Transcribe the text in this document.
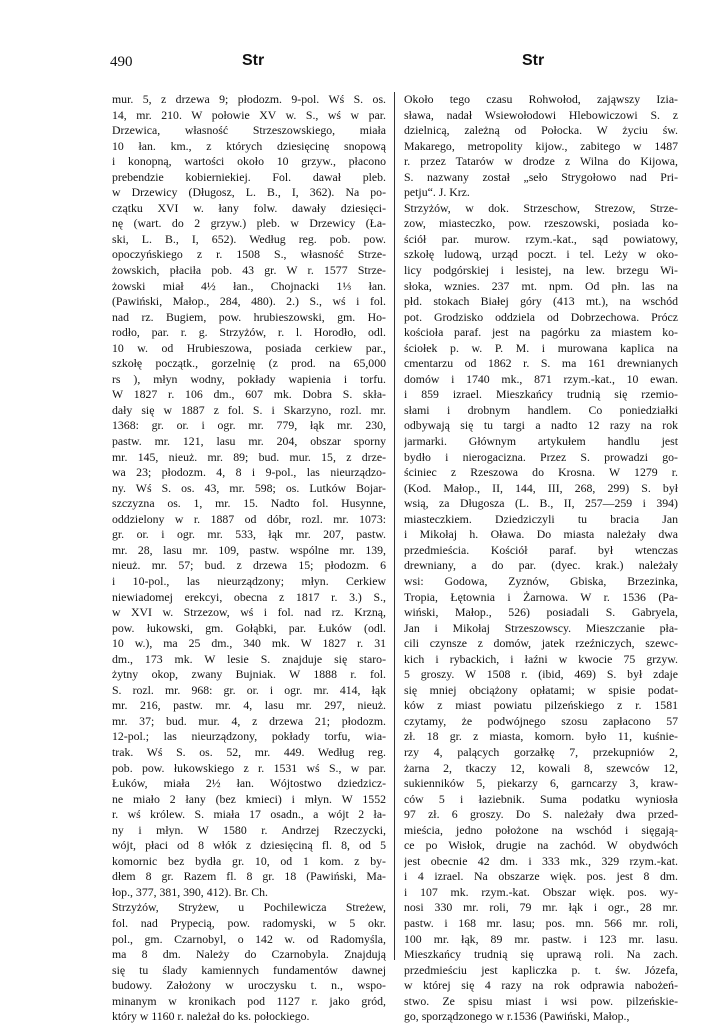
490	Str	Str
mur. 5, z drzewa 9; płodozm. 9-pol. Wś S. os.
14, mr. 210. W połowie XV w. S., wś w par.
Drzewica, własność Strzeszowskiego, miała
10 łan. km., z których dziesięcinę snopową
i konopną, wartości około 10 grzyw., płacono
prebendzie kobierniekiej. Fol. dawał pleb.
w Drzewicy (Długosz, L. B., I, 362). Na po-
czątku XVI w. łany folw. dawały dziesięci-
nę (wart. do 2 grzyw.) pleb. w Drzewicy (Ła-
ski, L. B., I, 652). Według reg. pob. pow.
opoczyńskiego z r. 1508 S., własność Strze-
żowskich, płaciła pob. 43 gr. W r. 1577 Strze-
żowski miał 4½ łan., Chojnacki 1⅓ łan.
(Pawiński, Małop., 284, 480). 2.) S., wś i fol.
nad rz. Bugiem, pow. hrubieszowski, gm. Ho-
rodło, par. r. g. Strzyżów, r. l. Horodło, odl.
10 w. od Hrubieszowa, posiada cerkiew par.,
szkołę początk., gorzelnię (z prod. na 65,000
rs ), młyn wodny, pokłady wapienia i torfu.
W 1827 r. 106 dm., 607 mk. Dobra S. skła-
dały się w 1887 z fol. S. i Skarzyno, rozl. mr.
1368: gr. or. i ogr. mr. 779, łąk mr. 230,
pastw. mr. 121, lasu mr. 204, obszar sporny
mr. 145, nieuż. mr. 89; bud. mur. 15, z drze-
wa 23; płodozm. 4, 8 i 9-pol., las nieurządzo-
ny. Wś S. os. 43, mr. 598; os. Lutków Bojar-
szczyzna os. 1, mr. 15. Nadto fol. Husynne,
oddzielony w r. 1887 od dóbr, rozl. mr. 1073:
gr. or. i ogr. mr. 533, łąk mr. 207, pastw.
mr. 28, lasu mr. 109, pastw. wspólne mr. 139,
nieuż. mr. 57; bud. z drzewa 15; płodozm. 6
i 10-pol., las nieurządzony; młyn. Cerkiew
niewiadomej erekcyi, obecna z 1817 r. 3.) S.,
w XVI w. Strzezow, wś i fol. nad rz. Krzną,
pow. łukowski, gm. Gołąbki, par. Łuków (odl.
10 w.), ma 25 dm., 340 mk. W 1827 r. 31
dm., 173 mk. W lesie S. znajduje się staro-
żytny okop, zwany Bujniak. W 1888 r. fol.
S. rozl. mr. 968: gr. or. i ogr. mr. 414, łąk
mr. 216, pastw. mr. 4, lasu mr. 297, nieuż.
mr. 37; bud. mur. 4, z drzewa 21; płodozm.
12-pol.; las nieurządzony, pokłady torfu, wia-
trak. Wś S. os. 52, mr. 449. Według reg.
pob. pow. łukowskiego z r. 1531 wś S., w par.
Łuków, miała 2½ łan. Wójtostwo dziedzicz-
ne miało 2 łany (bez kmieci) i młyn. W 1552
r. wś królew. S. miała 17 osadn., a wójt 2 ła-
ny i młyn. W 1580 r. Andrzej Rzeczycki,
wójt, płaci od 8 włók z dziesięciną fl. 8, od 5
komornic bez bydła gr. 10, od 1 kom. z by-
dłem 8 gr. Razem fl. 8 gr. 18 (Pawiński, Ma-
łop., 377, 381, 390, 412). Br. Ch.
Strzyżów, Stryżew, u Pochilewicza Streżew,
fol. nad Prypecią, pow. radomyski, w 5 okr.
pol., gm. Czarnobyl, o 142 w. od Radomyśla,
ma 8 dm. Należy do Czarnobyla. Znajdują
się tu ślady kamiennych fundamentów dawnej
budowy. Założony w uroczysku t. n., wspo-
minanym w kronikach pod 1127 r. jako gród,
który w 1160 r. należał do ks. połockiego.
Około tego czasu Rohwołod, zająwszy Izia-
sława, nadał Wsiewołodowi Hlebowiczowi S. z
dzielnicą, zależną od Połocka. W życiu św.
Makarego, metropolity kijow., zabitego w 1487
r. przez Tatarów w drodze z Wilna do Kijowa,
S. nazwany został „seło Strygołowo nad Pri-
petju“. J. Krz.
Strzyżów, w dok. Strzeschow, Strezow, Strze-
zow, miasteczko, pow. rzeszowski, posiada ko-
ściół par. murow. rzym.-kat., sąd powiatowy,
szkołę ludową, urząd poczt. i tel. Leży w oko-
licy podgórskiej i lesistej, na lew. brzegu Wi-
słoka, wznies. 237 mt. npm. Od płn. las na
płd. stokach Białej góry (413 mt.), na wschód
pot. Grodzisko oddziela od Dobrzechowa. Prócz
kościoła paraf. jest na pagórku za miastem ko-
ściołek p. w. P. M. i murowana kaplica na
cmentarzu od 1862 r. S. ma 161 drewnianych
domów i 1740 mk., 871 rzym.-kat., 10 ewan.
i 859 izrael. Mieszkańcy trudnią się rzemio-
słami i drobnym handlem. Co poniedziałki
odbywają się tu targi a nadto 12 razy na rok
jarmarki. Głównym artykułem handlu jest
bydło i nierogacizna. Przez S. prowadzi go-
ściniec z Rzeszowa do Krosna. W 1279 r.
(Kod. Małop., II, 144, III, 268, 299) S. był
wsią, za Długosza (L. B., II, 257—259 i 394)
miasteczkiem. Dziedziczyli tu bracia Jan
i Mikołaj h. Oława. Do miasta należały dwa
przedmieścia. Kościół paraf. był wtenczas
drewniany, a do par. (dyec. krak.) należały
wsi: Godowa, Zyznów, Gbiska, Brzezinka,
Tropia, Łętownia i Żarnowa. W r. 1536 (Pa-
wiński, Małop., 526) posiadali S. Gabryela,
Jan i Mikołaj Strzeszowscy. Mieszczanie pła-
cili czynsze z domów, jatek rzeźniczych, szewc-
kich i rybackich, i łaźni w kwocie 75 grzyw.
5 groszy. W 1508 r. (ibid, 469) S. był zdaje
się mniej obciążony opłatami; w spisie podat-
ków z miast powiatu pilzeńskiego z r. 1581
czytamy, że podwójnego szosu zapłacono 57
zł. 18 gr. z miasta, komorn. było 11, kuśnie-
rzy 4, palących gorzałkę 7, przekupniów 2,
żarna 2, tkaczy 12, kowali 8, szewców 12,
sukienników 5, piekarzy 6, garncarzy 3, kraw-
ców 5 i łaziebnik. Suma podatku wyniosła
97 zł. 6 groszy. Do S. należały dwa przed-
mieścia, jedno położone na wschód i sięgają-
ce po Wisłok, drugie na zachód. W obydwóch
jest obecnie 42 dm. i 333 mk., 329 rzym.-kat.
i 4 izrael. Na obszarze więk. pos. jest 8 dm.
i 107 mk. rzym.-kat. Obszar więk. pos. wy-
nosi 330 mr. roli, 79 mr. łąk i ogr., 28 mr.
pastw. i 168 mr. lasu; pos. mn. 566 mr. roli,
100 mr. łąk, 89 mr. pastw. i 123 mr. lasu.
Mieszkańcy trudnią się uprawą roli. Na zach.
przedmieściu jest kapliczka p. t. św. Józefa,
w której się 4 razy na rok odprawia nabożeń-
stwo. Ze spisu miast i wsi pow. pilzeńskie-
go, sporządzonego w r.1536 (Pawiński, Małop.,
